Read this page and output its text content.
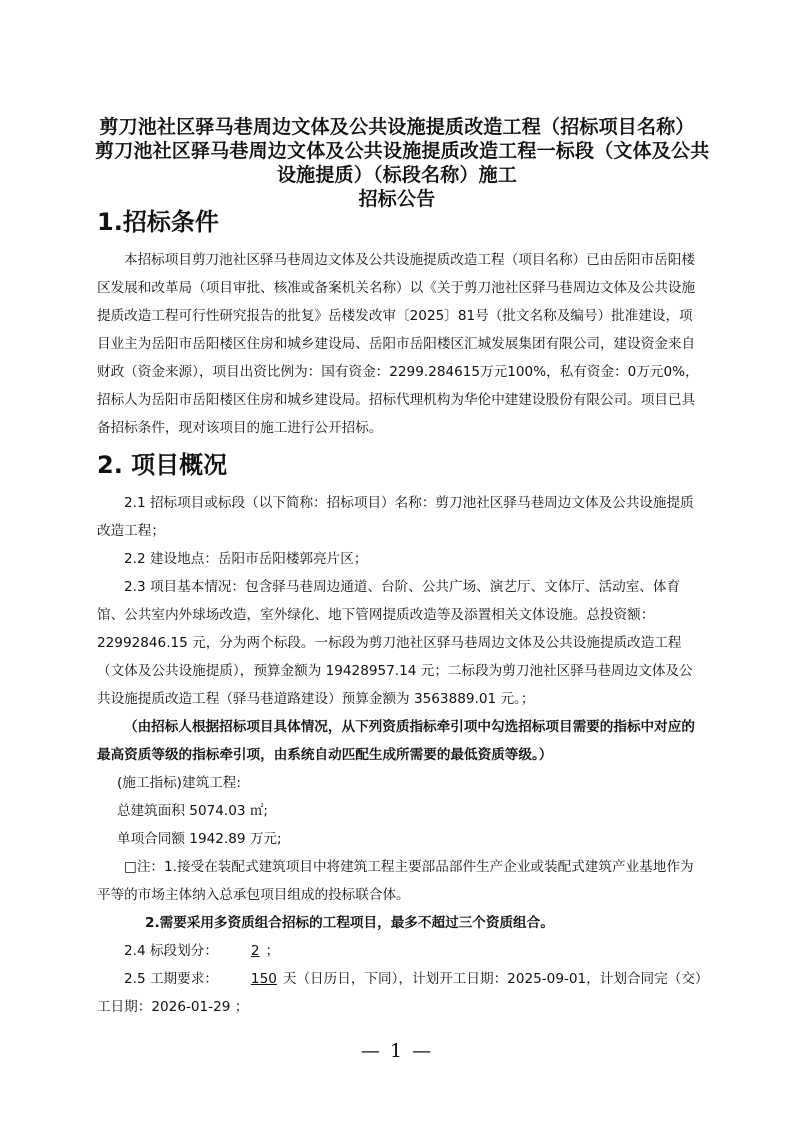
剪刀池社区驿马巷周边文体及公共设施提质改造工程（招标项目名称）
剪刀池社区驿马巷周边文体及公共设施提质改造工程一标段（文体及公共
设施提质）（标段名称）施工
招标公告
1.招标条件
本招标项目剪刀池社区驿马巷周边文体及公共设施提质改造工程（项目名称）已由岳阳市岳阳楼区发展和改革局（项目审批、核准或备案机关名称）以《关于剪刀池社区驿马巷周边文体及公共设施提质改造工程可行性研究报告的批复》岳楼发改审〔2025〕81号（批文名称及编号）批准建设，项目业主为岳阳市岳阳楼区住房和城乡建设局、岳阳市岳阳楼区汇城发展集团有限公司，建设资金来自财政（资金来源），项目出资比例为：国有资金：2299.284615万元100%，私有资金：0万元0%，招标人为岳阳市岳阳楼区住房和城乡建设局。招标代理机构为华伦中建建设股份有限公司。项目已具备招标条件，现对该项目的施工进行公开招标。
2. 项目概况
2.1 招标项目或标段（以下简称：招标项目）名称：剪刀池社区驿马巷周边文体及公共设施提质改造工程；
2.2 建设地点：岳阳市岳阳楼郭亮片区；
2.3 项目基本情况：包含驿马巷周边通道、台阶、公共广场、演艺厅、文体厅、活动室、体育馆、公共室内外球场改造，室外绿化、地下管网提质改造等及添置相关文体设施。总投资额：22992846.15 元，分为两个标段。一标段为剪刀池社区驿马巷周边文体及公共设施提质改造工程（文体及公共设施提质），预算金额为 19428957.14 元；二标段为剪刀池社区驿马巷周边文体及公共设施提质改造工程（驿马巷道路建设）预算金额为 3563889.01 元。；
（由招标人根据招标项目具体情况，从下列资质指标牵引项中勾选招标项目需要的指标中对应的最高资质等级的指标牵引项，由系统自动匹配生成所需要的最低资质等级。）
(施工指标)建筑工程:
总建筑面积 5074.03 ㎡;
单项合同额 1942.89 万元;
□注：1.接受在装配式建筑项目中将建筑工程主要部品部件生产企业或装配式建筑产业基地作为平等的市场主体纳入总承包项目组成的投标联合体。
2.需要采用多资质组合招标的工程项目，最多不超过三个资质组合。
2.4 标段划分： 2 ；
2.5 工期要求： 150 天（日历日，下同），计划开工日期：2025-09-01，计划合同完（交）
工日期：2026-01-29 ；
— 1 —
